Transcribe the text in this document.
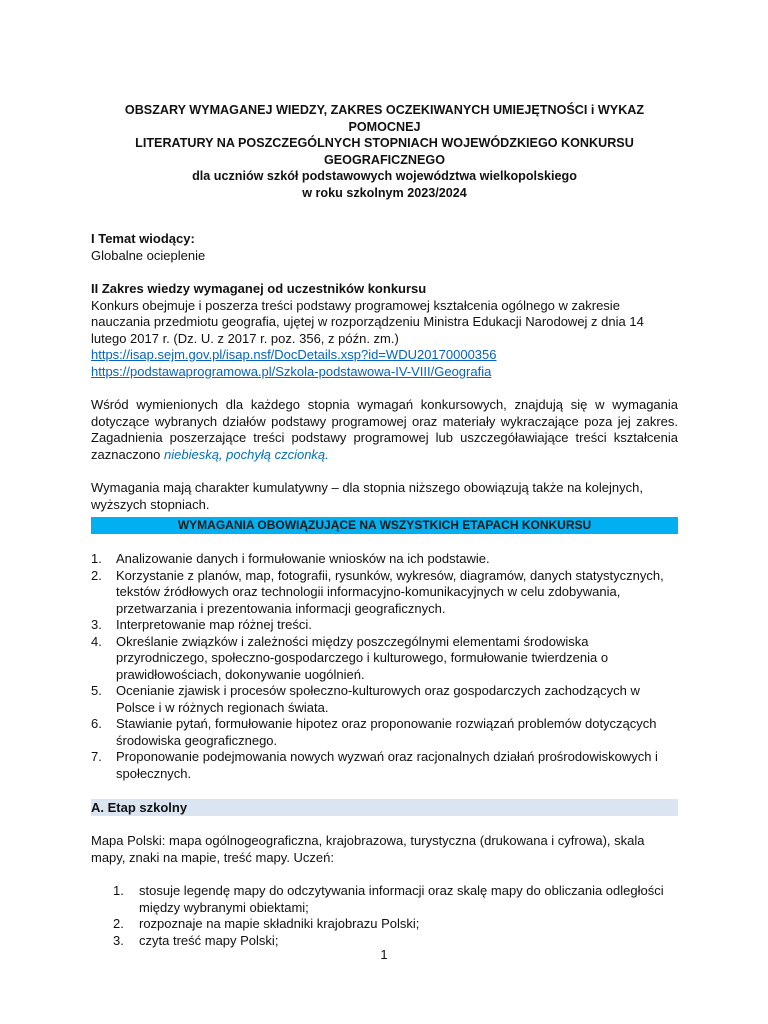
OBSZARY WYMAGANEJ WIEDZY, ZAKRES OCZEKIWANYCH UMIEJĘTNOŚCI i WYKAZ POMOCNEJ
LITERATURY NA POSZCZEGÓLNYCH STOPNIACH WOJEWÓDZKIEGO KONKURSU GEOGRAFICZNEGO
dla uczniów szkół podstawowych województwa wielkopolskiego
w roku szkolnym 2023/2024
I Temat wiodący:
Globalne ocieplenie
II Zakres wiedzy wymaganej od uczestników konkursu
Konkurs obejmuje i poszerza treści podstawy programowej kształcenia ogólnego w zakresie nauczania przedmiotu geografia, ujętej w rozporządzeniu Ministra Edukacji Narodowej z dnia 14 lutego 2017 r. (Dz. U. z 2017 r. poz. 356, z późn. zm.)
https://isap.sejm.gov.pl/isap.nsf/DocDetails.xsp?id=WDU20170000356
https://podstawaprogramowa.pl/Szkola-podstawowa-IV-VIII/Geografia
Wśród wymienionych dla każdego stopnia wymagań konkursowych, znajdują się w wymagania dotyczące wybranych działów podstawy programowej oraz materiały wykraczające poza jej zakres. Zagadnienia poszerzające treści podstawy programowej lub uszczegóławiające treści kształcenia zaznaczono niebieską, pochyłą czcionką.
Wymagania mają charakter kumulatywny – dla stopnia niższego obowiązują także na kolejnych, wyższych stopniach.
WYMAGANIA OBOWIĄZUJĄCE NA WSZYSTKICH ETAPACH KONKURSU
1. Analizowanie danych i formułowanie wniosków na ich podstawie.
2. Korzystanie z planów, map, fotografii, rysunków, wykresów, diagramów, danych statystycznych, tekstów źródłowych oraz technologii informacyjno-komunikacyjnych w celu zdobywania, przetwarzania i prezentowania informacji geograficznych.
3. Interpretowanie map różnej treści.
4. Określanie związków i zależności między poszczególnymi elementami środowiska przyrodniczego, społeczno-gospodarczego i kulturowego, formułowanie twierdzenia o prawidłowościach, dokonywanie uogólnień.
5. Ocenianie zjawisk i procesów społeczno-kulturowych oraz gospodarczych zachodzących w Polsce i w różnych regionach świata.
6. Stawianie pytań, formułowanie hipotez oraz proponowanie rozwiązań problemów dotyczących środowiska geograficznego.
7. Proponowanie podejmowania nowych wyzwań oraz racjonalnych działań prośrodowiskowych i społecznych.
A. Etap szkolny
Mapa Polski: mapa ogólnogeograficzna, krajobrazowa, turystyczna (drukowana i cyfrowa), skala mapy, znaki na mapie, treść mapy. Uczeń:
1. stosuje legendę mapy do odczytywania informacji oraz skalę mapy do obliczania odległości między wybranymi obiektami;
2. rozpoznaje na mapie składniki krajobrazu Polski;
3. czyta treść mapy Polski;
1
